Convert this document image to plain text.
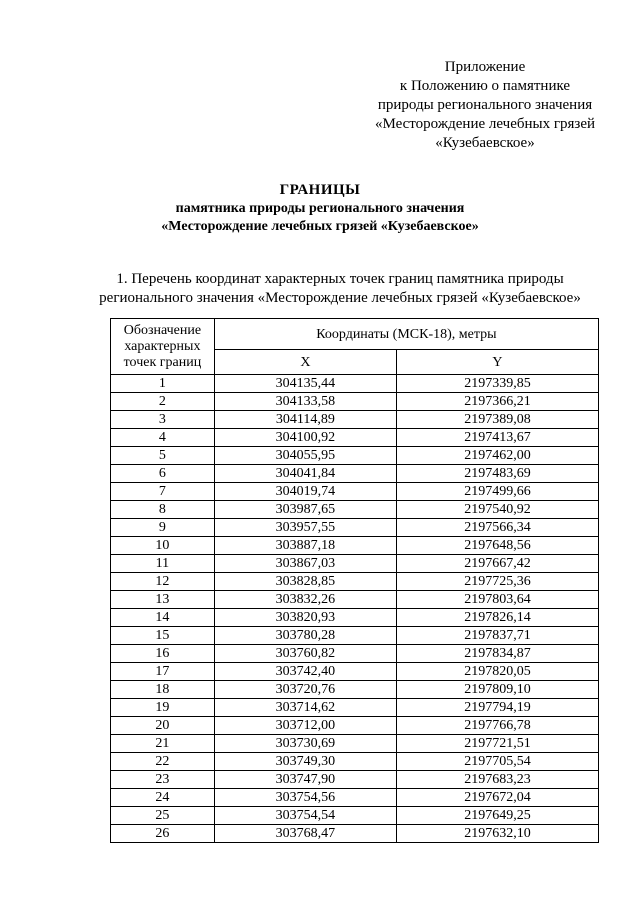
Приложение
к Положению о памятнике
природы регионального значения
«Месторождение лечебных грязей
«Кузебаевское»
ГРАНИЦЫ
памятника природы регионального значения
«Месторождение лечебных грязей «Кузебаевское»
1. Перечень координат характерных точек границ памятника природы
регионального значения «Месторождение лечебных грязей «Кузебаевское»
Обозначение характерных точек границ	Координаты (МСК-18), метры	
	X	Y
1	304135,44	2197339,85
2	304133,58	2197366,21
3	304114,89	2197389,08
4	304100,92	2197413,67
5	304055,95	2197462,00
6	304041,84	2197483,69
7	304019,74	2197499,66
8	303987,65	2197540,92
9	303957,55	2197566,34
10	303887,18	2197648,56
11	303867,03	2197667,42
12	303828,85	2197725,36
13	303832,26	2197803,64
14	303820,93	2197826,14
15	303780,28	2197837,71
16	303760,82	2197834,87
17	303742,40	2197820,05
18	303720,76	2197809,10
19	303714,62	2197794,19
20	303712,00	2197766,78
21	303730,69	2197721,51
22	303749,30	2197705,54
23	303747,90	2197683,23
24	303754,56	2197672,04
25	303754,54	2197649,25
26	303768,47	2197632,10
